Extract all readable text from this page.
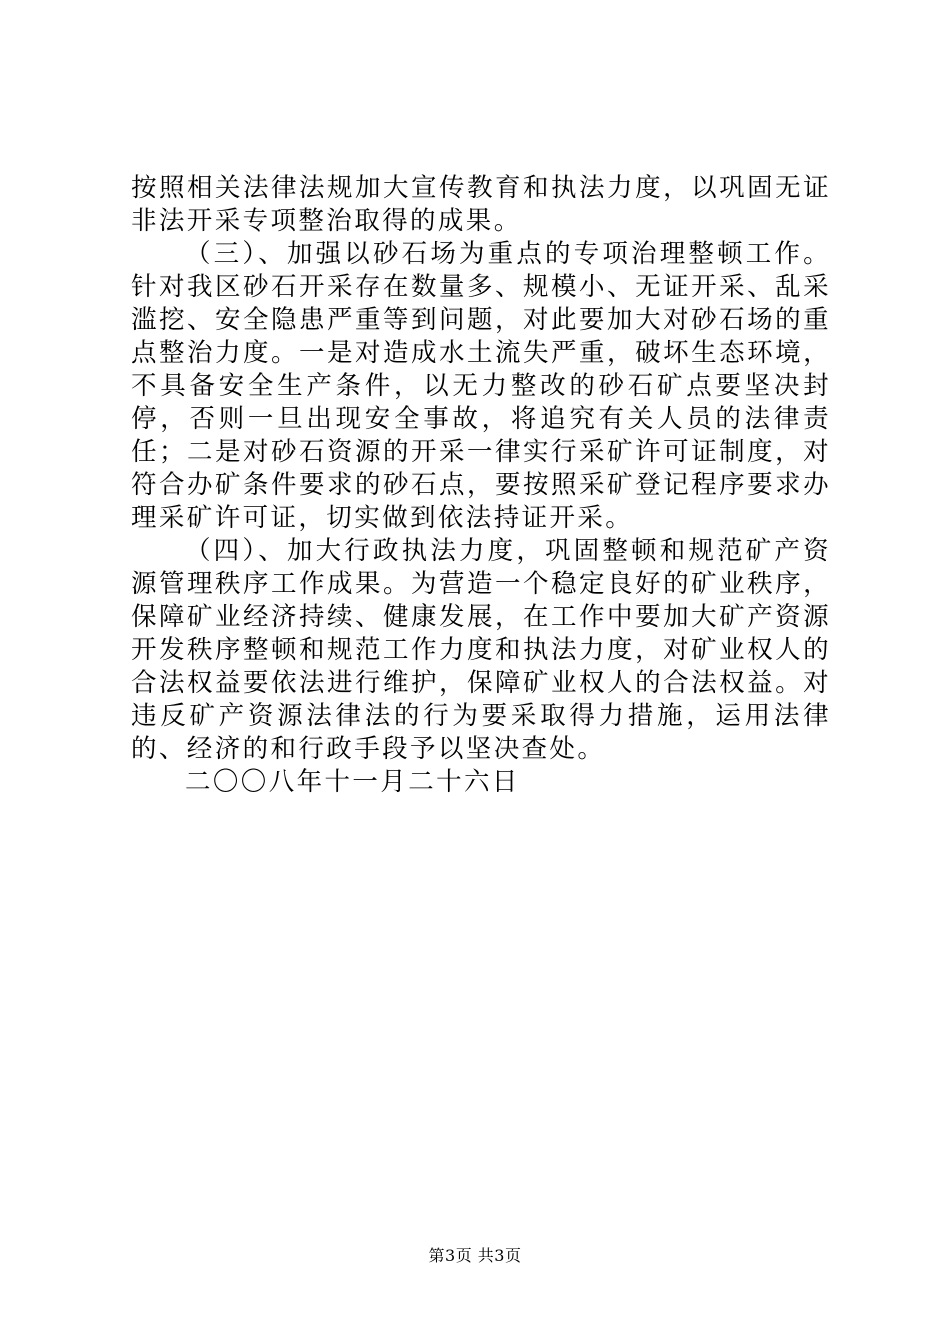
按照相关法律法规加大宣传教育和执法力度，以巩固无证非法开采专项整治取得的成果。

（三）、加强以砂石场为重点的专项治理整顿工作。针对我区砂石开采存在数量多、规模小、无证开采、乱采滥挖、安全隐患严重等到问题，对此要加大对砂石场的重点整治力度。一是对造成水土流失严重，破坏生态环境，不具备安全生产条件，以无力整改的砂石矿点要坚决封停，否则一旦出现安全事故，将追究有关人员的法律责任；二是对砂石资源的开采一律实行采矿许可证制度，对符合办矿条件要求的砂石点，要按照采矿登记程序要求办理采矿许可证，切实做到依法持证开采。

（四）、加大行政执法力度，巩固整顿和规范矿产资源管理秩序工作成果。为营造一个稳定良好的矿业秩序，保障矿业经济持续、健康发展，在工作中要加大矿产资源开发秩序整顿和规范工作力度和执法力度，对矿业权人的合法权益要依法进行维护，保障矿业权人的合法权益。对违反矿产资源法律法的行为要采取得力措施，运用法律的、经济的和行政手段予以坚决查处。

二〇〇八年十一月二十六日

第3页 共3页
